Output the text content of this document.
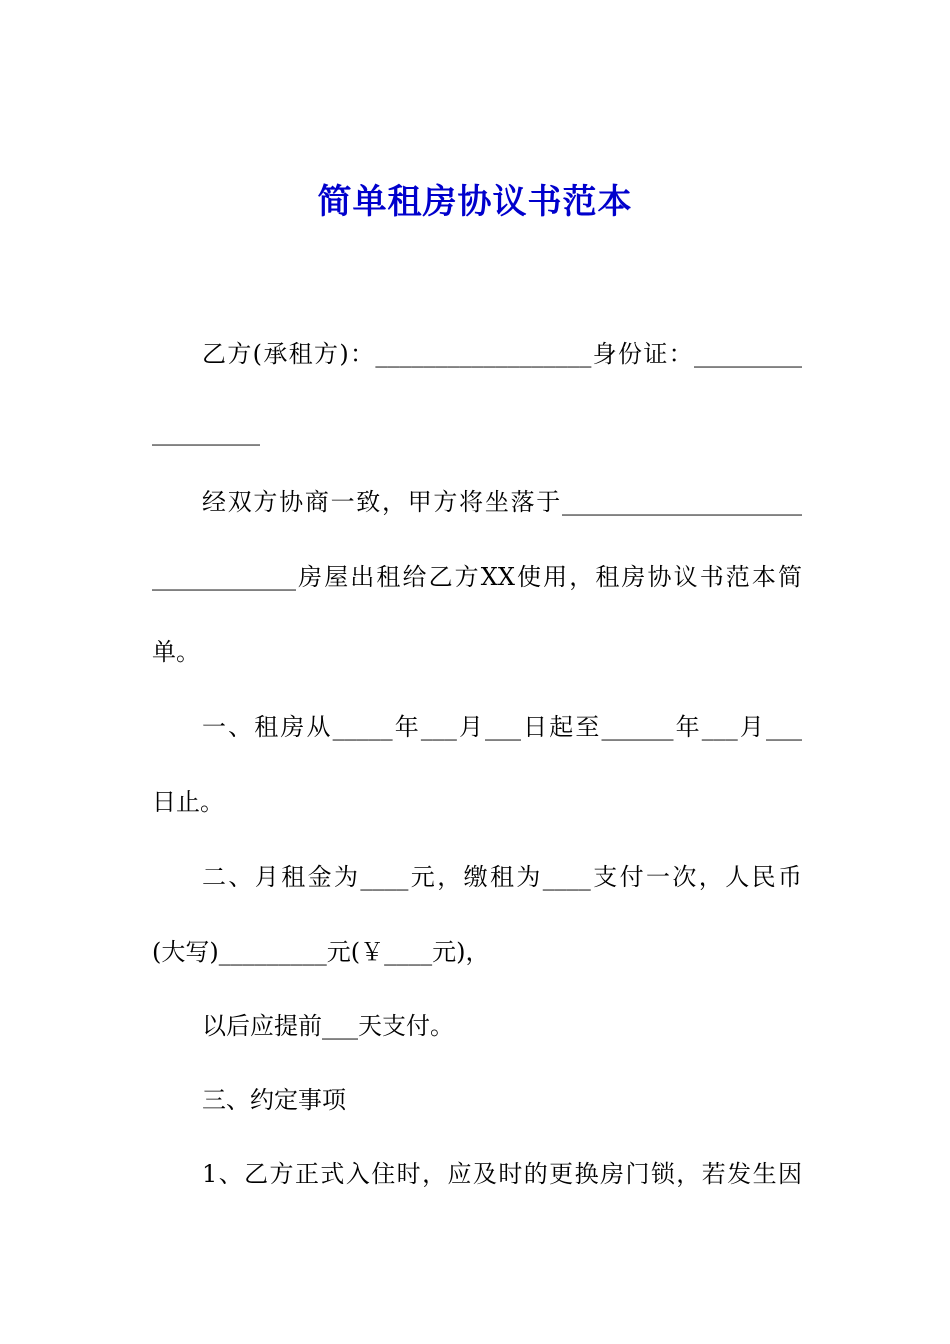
简单租房协议书范本
乙方(承租方)：__________________身份证：_________
_________
经双方协商一致，甲方将坐落于____________________
____________房屋出租给乙方XX使用，租房协议书范本简
单。
一、租房从_____年___月___日起至______年___月___
日止。
二、月租金为____元，缴租为____支付一次，人民币
(大写)_________元(￥____元)，
以后应提前___天支付。
三、约定事项
1、乙方正式入住时，应及时的更换房门锁，若发生因
